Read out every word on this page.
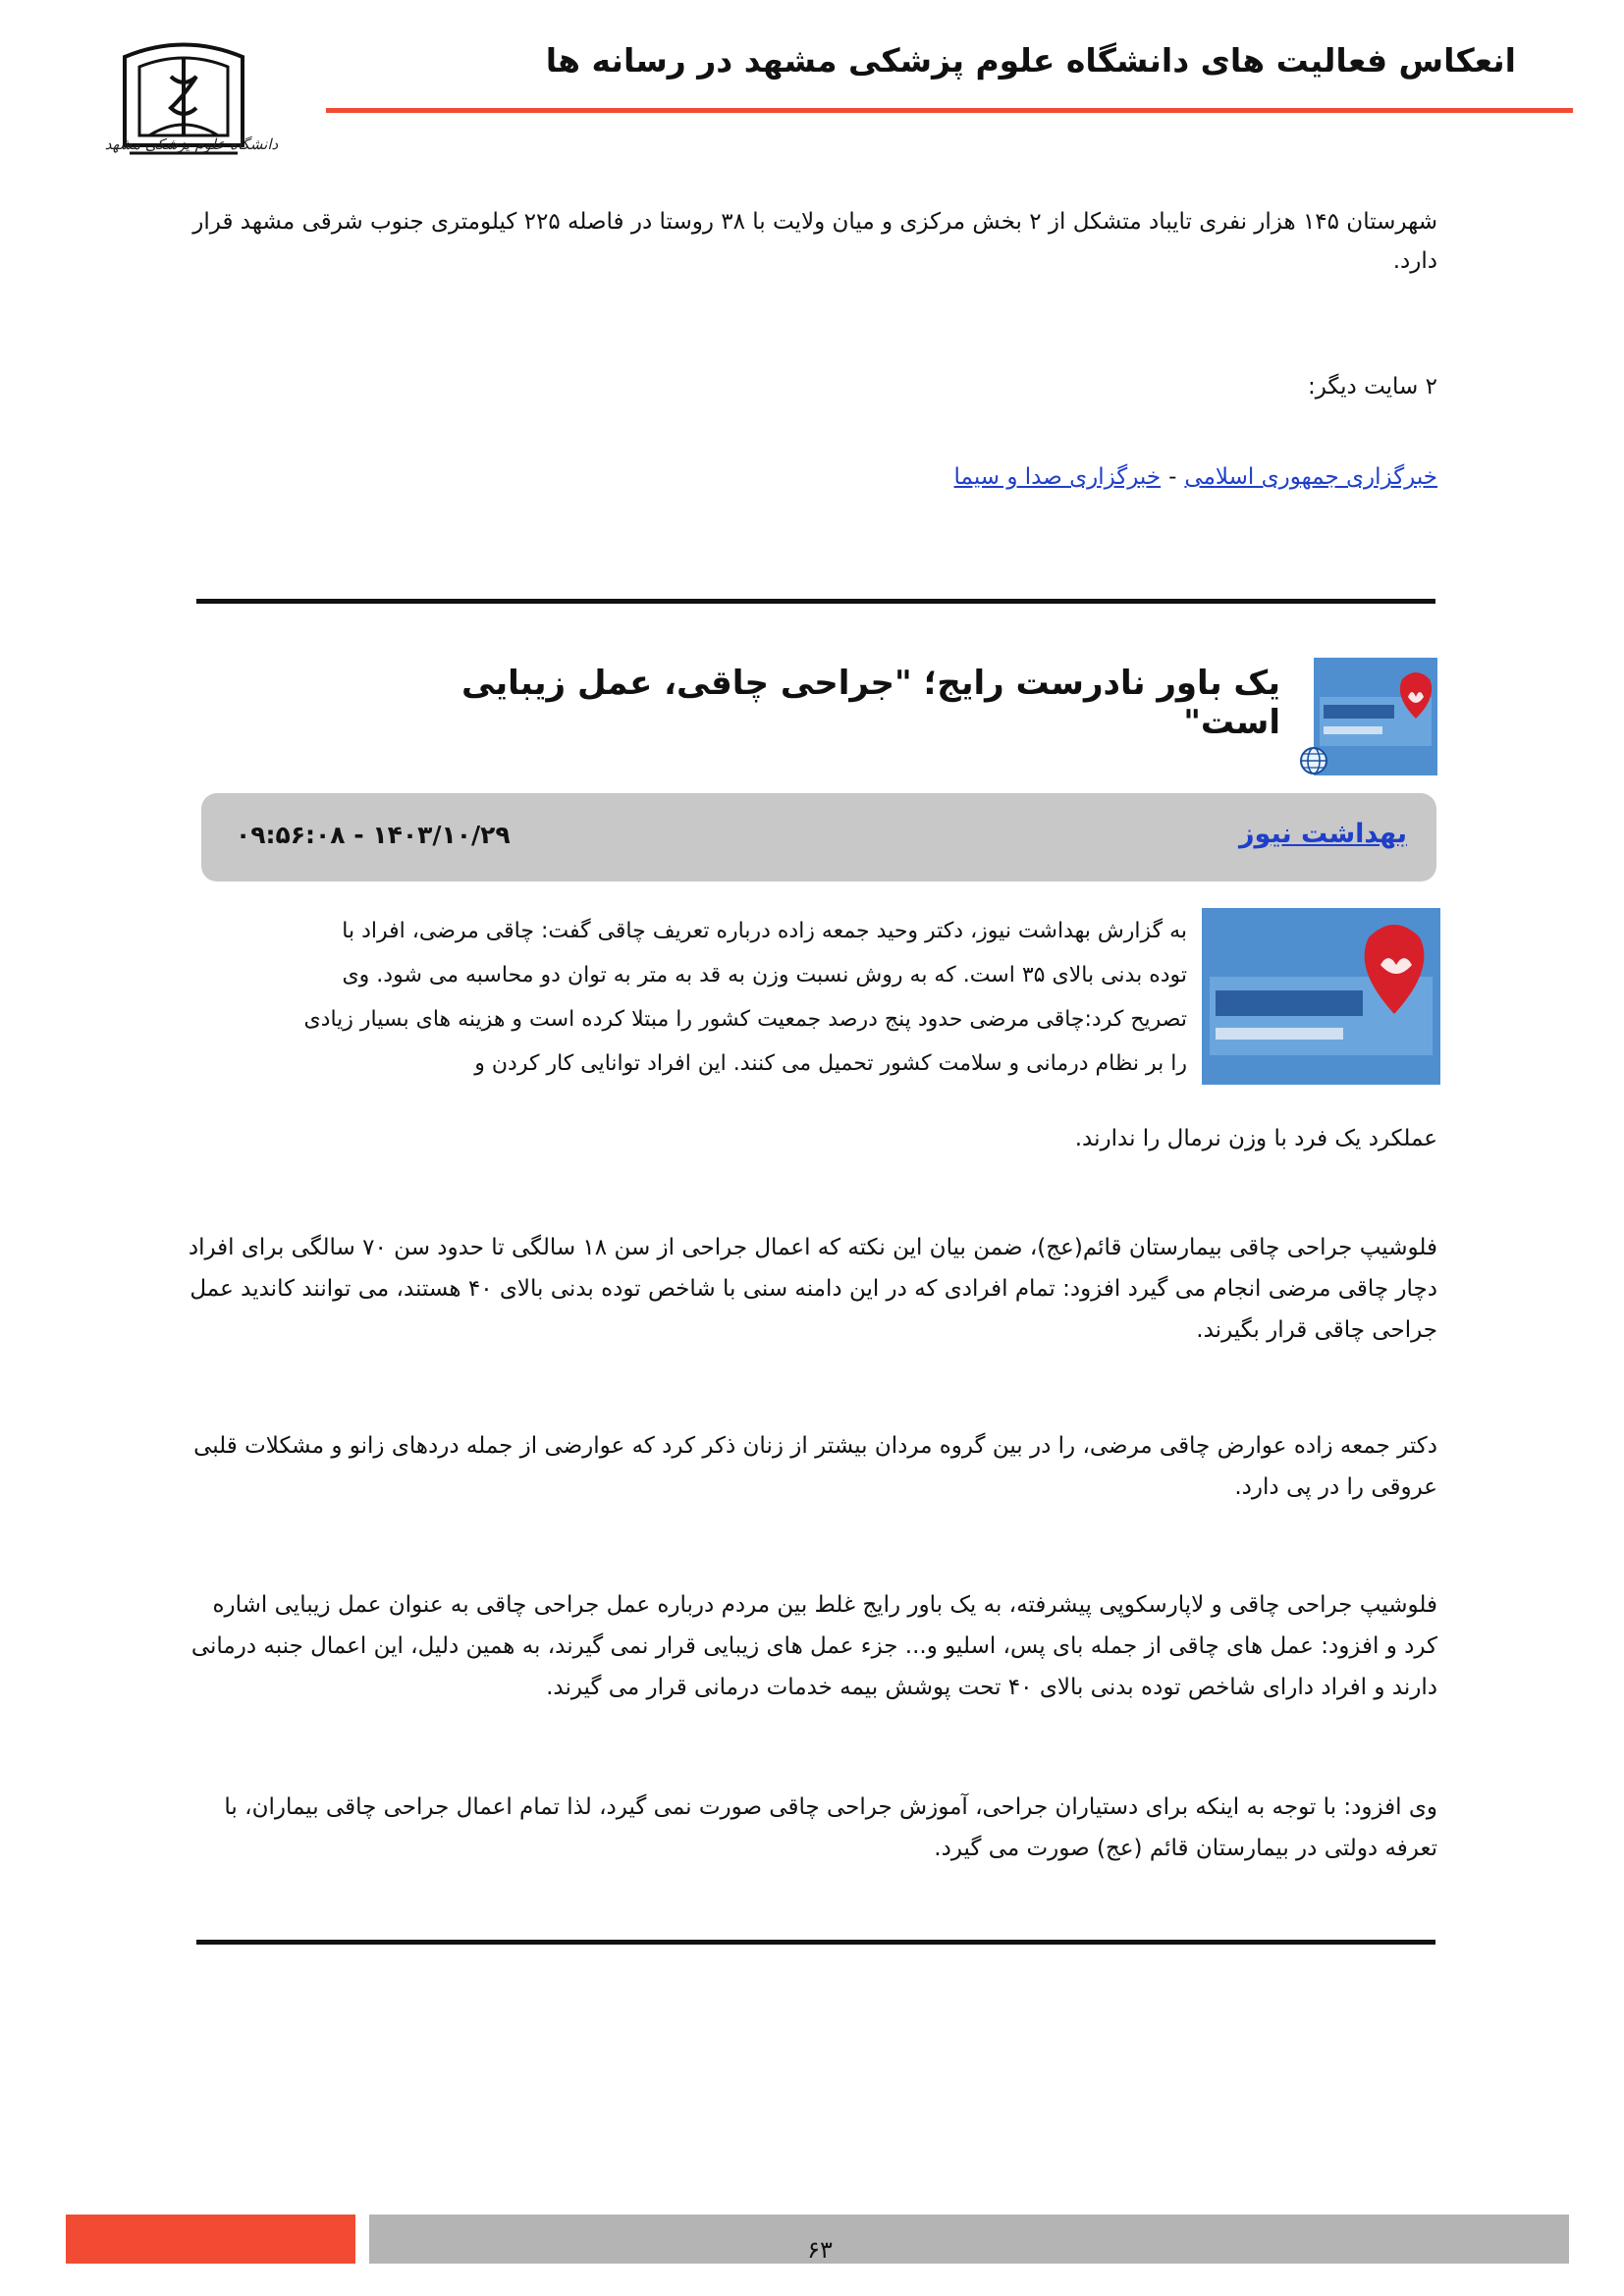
انعکاس فعالیت های دانشگاه علوم پزشکی مشهد در رسانه ها
دانشگاه علوم پزشکی مشهد
شهرستان ۱۴۵ هزار نفری تایباد متشکل از ۲ بخش مرکزی و میان ولایت با ۳۸ روستا در فاصله ۲۲۵ کیلومتری جنوب شرقی مشهد قرار دارد.
۲ سایت دیگر:
خبرگزاری جمهوری اسلامی-خبرگزاری صدا و سیما
یک باور نادرست رایج؛ "جراحی چاقی، عمل زیبایی است"
بهداشت نیوز
۰۹:۵۶:۰۸ - ۱۴۰۳/۱۰/۲۹
به گزارش بهداشت نیوز، دکتر وحید جمعه زاده درباره تعریف چاقی گفت: چاقی مرضی، افراد با توده بدنی بالای ۳۵ است. که به روش نسبت وزن به قد به متر به توان دو محاسبه می شود. وی تصریح کرد:چاقی مرضی حدود پنج درصد جمعیت کشور را مبتلا کرده است و هزینه های بسیار زیادی را بر نظام درمانی و سلامت کشور تحمیل می کنند. این افراد توانایی کار کردن و
عملکرد یک فرد با وزن نرمال را ندارند.
فلوشیپ جراحی چاقی بیمارستان قائم(عج)، ضمن بیان این نکته که اعمال جراحی از سن ۱۸ سالگی تا حدود سن ۷۰ سالگی برای افراد دچار چاقی مرضی انجام می گیرد افزود: تمام افرادی که در این دامنه سنی با شاخص توده بدنی بالای ۴۰ هستند، می توانند کاندید عمل جراحی چاقی قرار بگیرند.
دکتر جمعه زاده عوارض چاقی مرضی، را در بین گروه مردان بیشتر از زنان ذکر کرد که عوارضی از جمله دردهای زانو و مشکلات قلبی عروقی را در پی دارد.
فلوشیپ جراحی چاقی و لاپارسکوپی پیشرفته، به یک باور رایج غلط بین مردم درباره عمل جراحی چاقی به عنوان عمل زیبایی اشاره کرد و افزود: عمل های چاقی از جمله بای پس، اسلیو و... جزء عمل های زیبایی قرار نمی گیرند، به همین دلیل، این اعمال جنبه درمانی دارند و افراد دارای شاخص توده بدنی بالای ۴۰ تحت پوشش بیمه خدمات درمانی قرار می گیرند.
وی افزود: با توجه به اینکه برای دستیاران جراحی، آموزش جراحی چاقی صورت نمی گیرد، لذا تمام اعمال جراحی چاقی بیماران، با تعرفه دولتی در بیمارستان قائم (عج) صورت می گیرد.
۶۳
